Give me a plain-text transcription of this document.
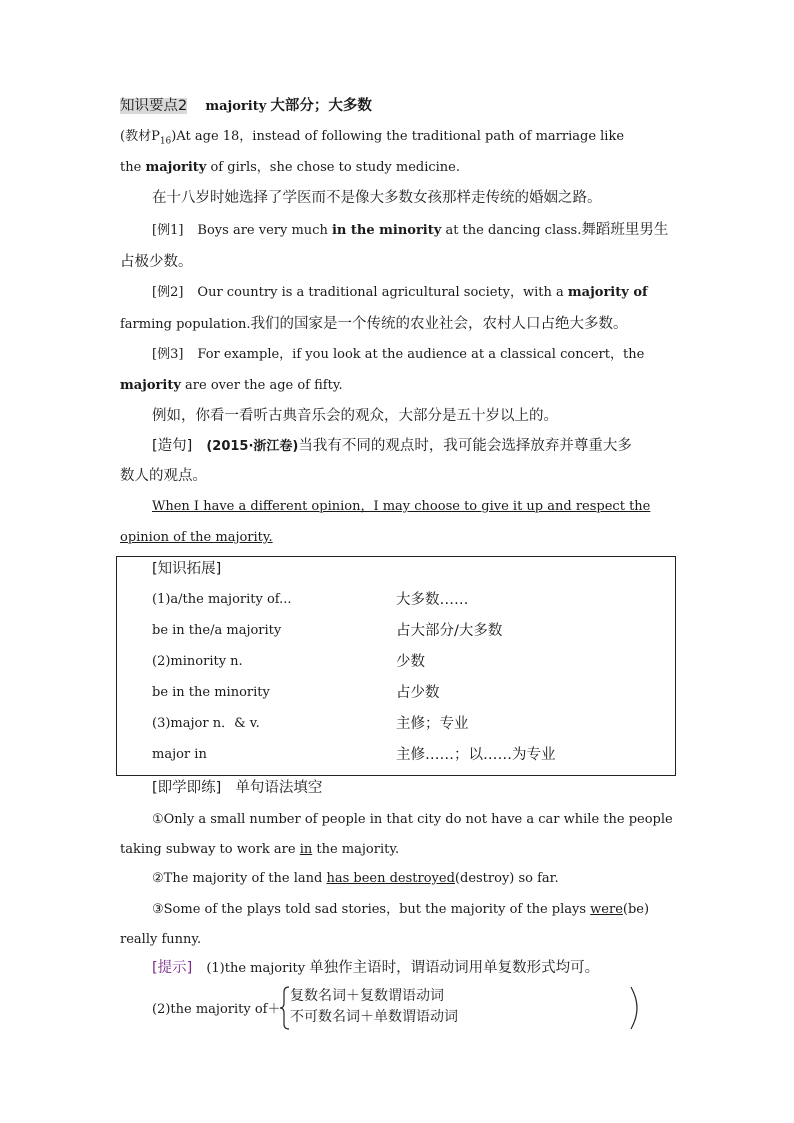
知识要点2 majority 大部分；大多数
(教材$P_{16})At$ age 18，instead of following the traditional path of marriage like
the majority of girls，she chose to study medicine.
在十八岁时她选择了学医而不是像大多数女孩那样走传统的婚姻之路。
[例1] Boys are very much in the minority at the dancing class.舞蹈班里男生
占极少数。
[例2] Our country is a traditional agricultural society，with a majority of
farming population.我们的国家是一个传统的农业社会，农村人口占绝大多数。
[例3] For example，if you look at the audience at a classical concert，the
majority are over the age of fifty.
例如，你看一看听古典音乐会的观众，大部分是五十岁以上的。
[造句] (2015·浙江卷)当我有不同的观点时，我可能会选择放弃并尊重大多
数人的观点。
When I have a different opinion，I may choose to give it up and respect the
opinion of the majority.
[知识拓展]
(1)a/the majority of...	大多数……
be in the/a majority	占大部分/大多数
(2)minority n.	少数
be in the minority	占少数
(3)major n．& v.	主修；专业
major in	主修……；以……为专业
[即学即练] 单句语法填空
①Only a small number of people in that city do not have a car while the people
taking subway to work are in the majority.
②The majority of the land has been destroyed(destroy) so far.
③Some of the plays told sad stories，but the majority of the plays were(be)
really funny.
[提示] (1)the majority 单独作主语时，谓语动词用单复数形式均可。
(2)the majority of＋
复数名词＋复数谓语动词
不可数名词＋单数谓语动词
